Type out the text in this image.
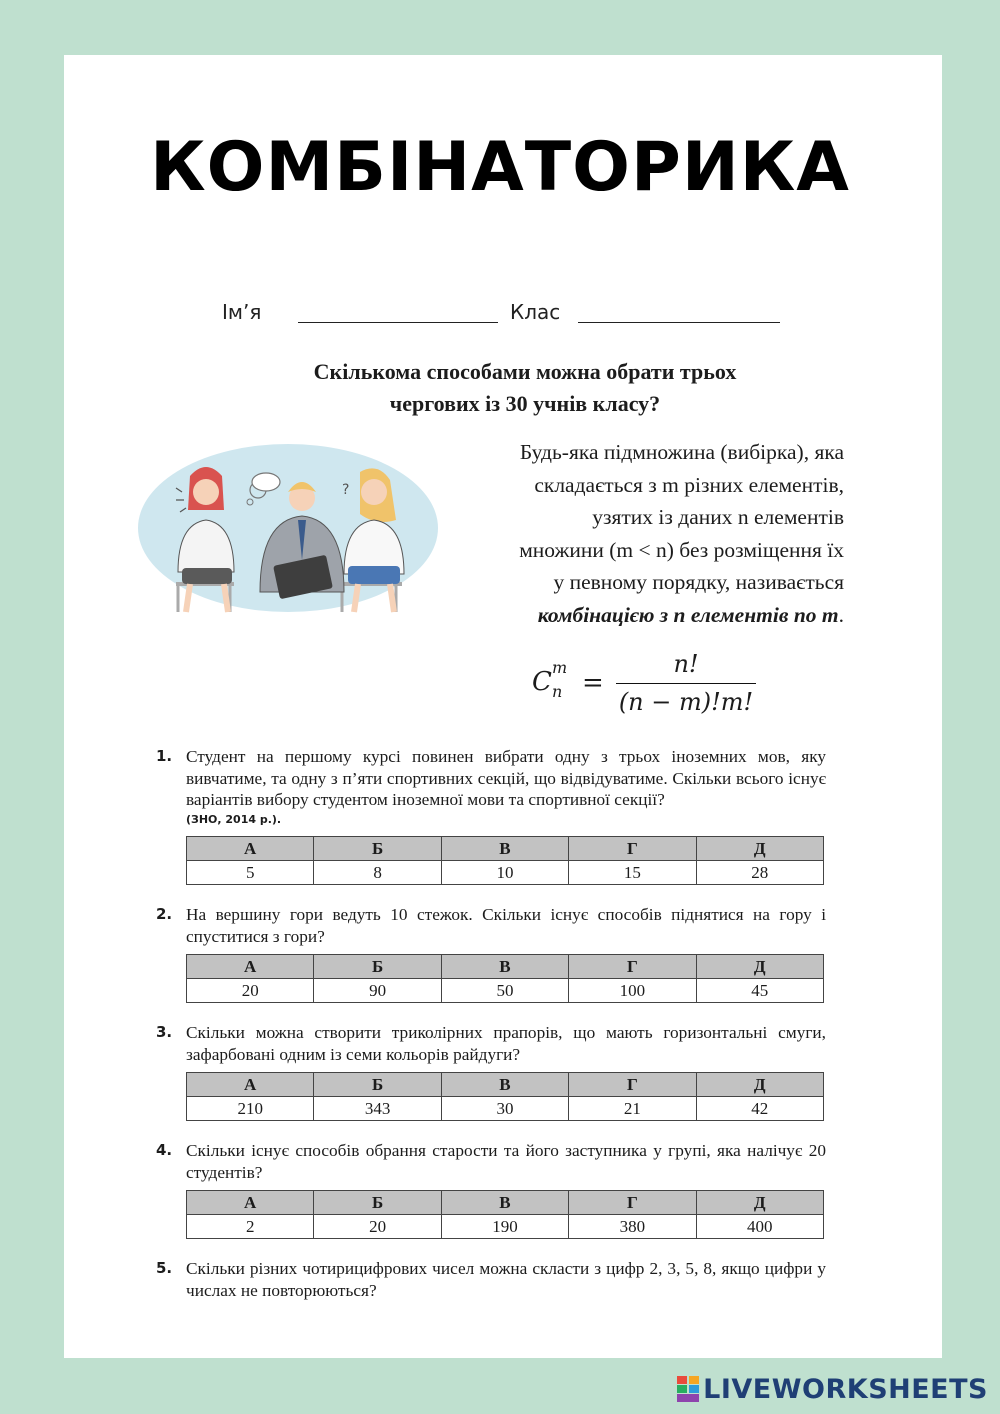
КОМБІНАТОРИКА
Ім’я	Клас
Скількома способами можна обрати трьох
чергових із 30 учнів класу?
?
Будь-яка підмножина (вибірка), яка
складається з m різних елементів,
узятих із даних n елементів
множини (m < n) без розміщення їх
у певному порядку, називається
комбінацією з n елементів по m.
C m
n =
n!
(n − m)!m!
1. Студент на першому курсі повинен вибрати одну з трьох іноземних мов, яку вивчатиме, та одну з п’яти спортивних секцій, що відвідуватиме. Скільки всього існує варіантів вибору студентом іноземної мови та спортивної секції?
(ЗНО, 2014 р.).
А	Б	В	Г	Д
5	8	10	15	28
2. На вершину гори ведуть 10 стежок. Скільки існує способів піднятися на гору і спуститися з гори?
А	Б	В	Г	Д
20	90	50	100	45
3. Скільки можна створити триколірних прапорів, що мають горизонтальні смуги, зафарбовані одним із семи кольорів райдуги?
А	Б	В	Г	Д
210	343	30	21	42
4. Скільки існує способів обрання старости та його заступника у групі, яка налічує 20 студентів?
А	Б	В	Г	Д
2	20	190	380	400
5. Скільки різних чотирицифрових чисел можна скласти з цифр 2, 3, 5, 8, якщо цифри у числах не повторюються?
LIVEWORKSHEETS
